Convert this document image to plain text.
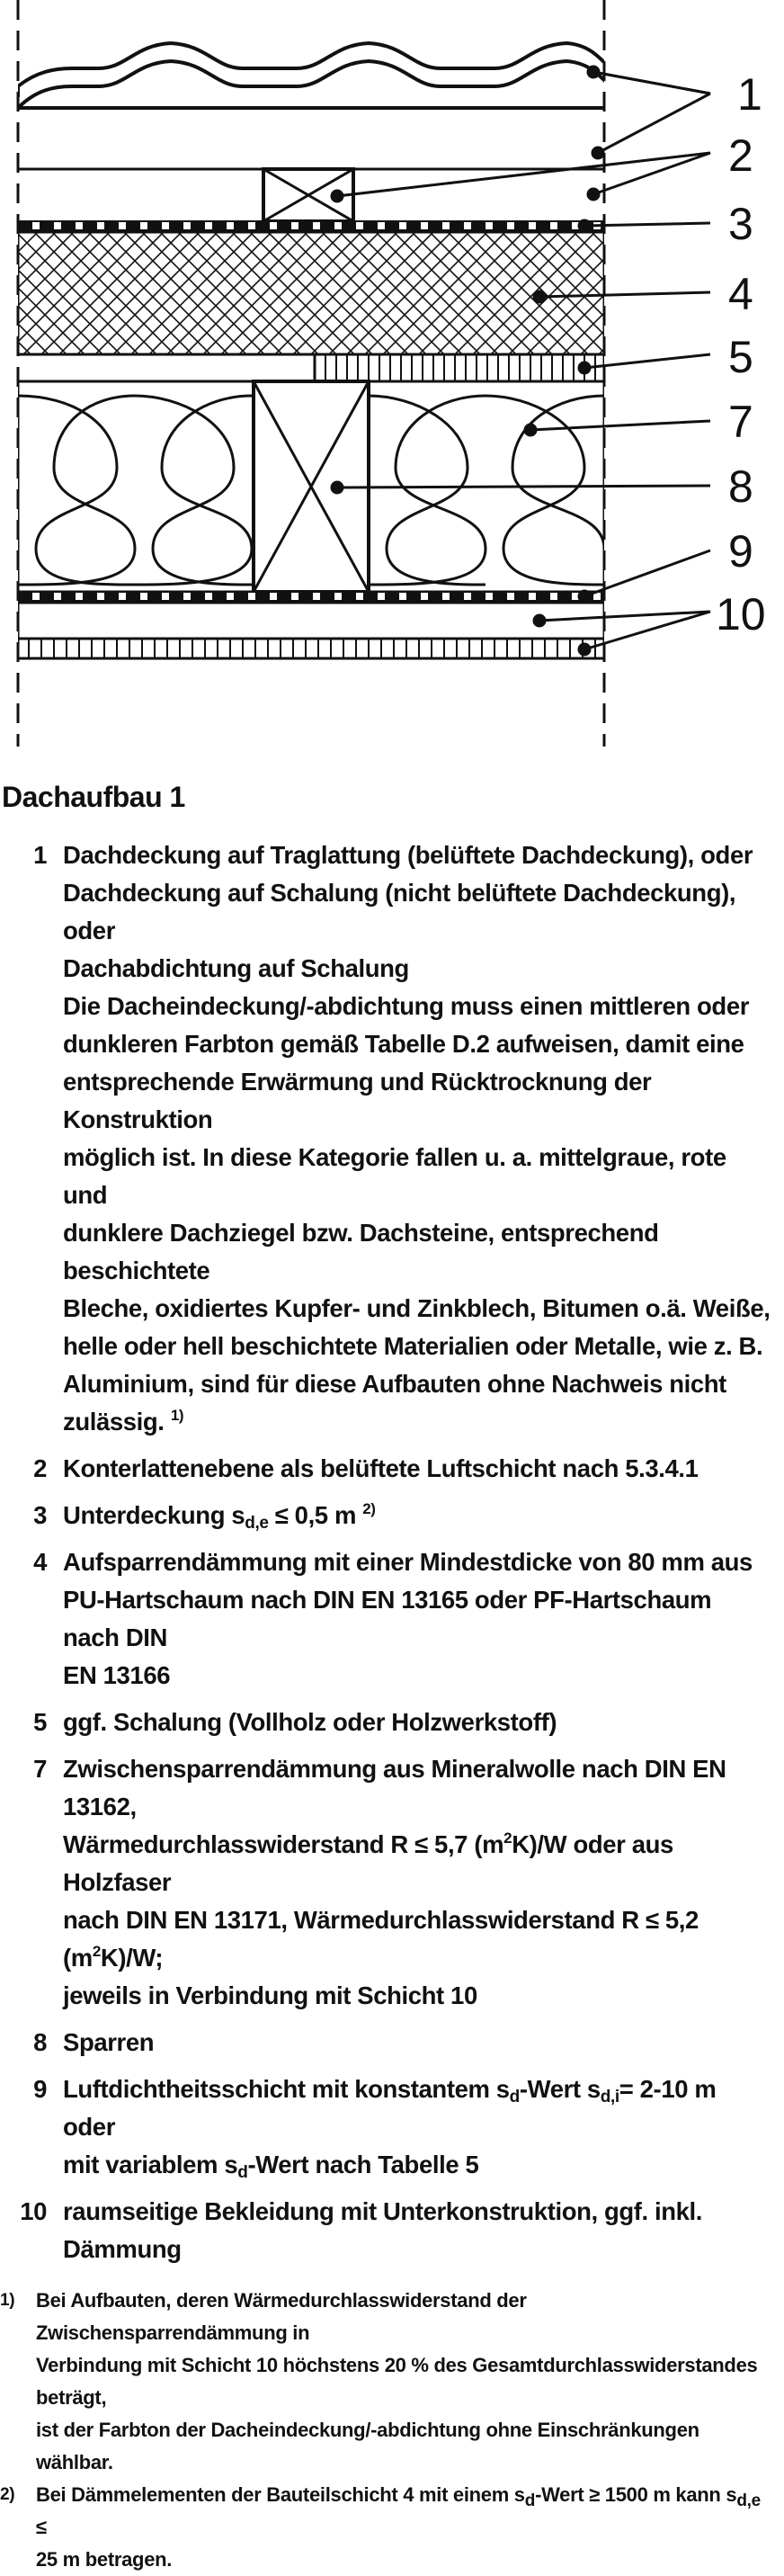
1
2
3
4
5
7
8
9
10
Dachaufbau 1
1 Dachdeckung auf Traglattung (belüftete Dachdeckung), oder
Dachdeckung auf Schalung (nicht belüftete Dachdeckung), oder
Dachabdichtung auf Schalung
Die Dacheindeckung/-abdichtung muss einen mittleren oder
dunkleren Farbton gemäß Tabelle D.2 aufweisen, damit eine
entsprechende Erwärmung und Rücktrocknung der Konstruktion
möglich ist. In diese Kategorie fallen u. a. mittelgraue, rote und
dunklere Dachziegel bzw. Dachsteine, entsprechend beschichtete
Bleche, oxidiertes Kupfer- und Zinkblech, Bitumen o.ä. Weiße,
helle oder hell beschichtete Materialien oder Metalle, wie z. B.
Aluminium, sind für diese Aufbauten ohne Nachweis nicht
zulässig. $^{1)}$
2 Konterlattenebene als belüftete Luftschicht nach 5.3.4.1
3 Unterdeckung $s_{d,e} \le 0,5$ m $^{2)}$
4 Aufsparrendämmung mit einer Mindestdicke von 80 mm aus
PU-Hartschaum nach DIN EN 13165 oder PF-Hartschaum nach DIN
EN 13166
5 ggf. Schalung (Vollholz oder Holzwerkstoff)
7 Zwischensparrendämmung aus Mineralwolle nach DIN EN 13162,
Wärmedurchlasswiderstand R ≤ 5,7 $(m^2K)/W$ oder aus Holzfaser
nach DIN EN 13171, Wärmedurchlasswiderstand R ≤ 5,2 $(m^2K)/W$;
jeweils in Verbindung mit Schicht 10
8 Sparren
9 Luftdichtheitsschicht mit konstantem $s_d$-Wert $s_{d,i}= 2-10$ m oder
mit variablem $s_d$-Wert nach Tabelle 5
10 raumseitige Bekleidung mit Unterkonstruktion, ggf. inkl.
Dämmung
1)	Bei Aufbauten, deren Wärmedurchlasswiderstand der Zwischensparrendämmung in
Verbindung mit Schicht 10 höchstens 20 % des Gesamtdurchlasswiderstandes beträgt,
ist der Farbton der Dacheindeckung/-abdichtung ohne Einschränkungen wählbar.
2)	Bei Dämmelementen der Bauteilschicht 4 mit einem $s_d$-Wert ≥ 1500 m kann $s_{d,e}$ ≤
25 m betragen.
